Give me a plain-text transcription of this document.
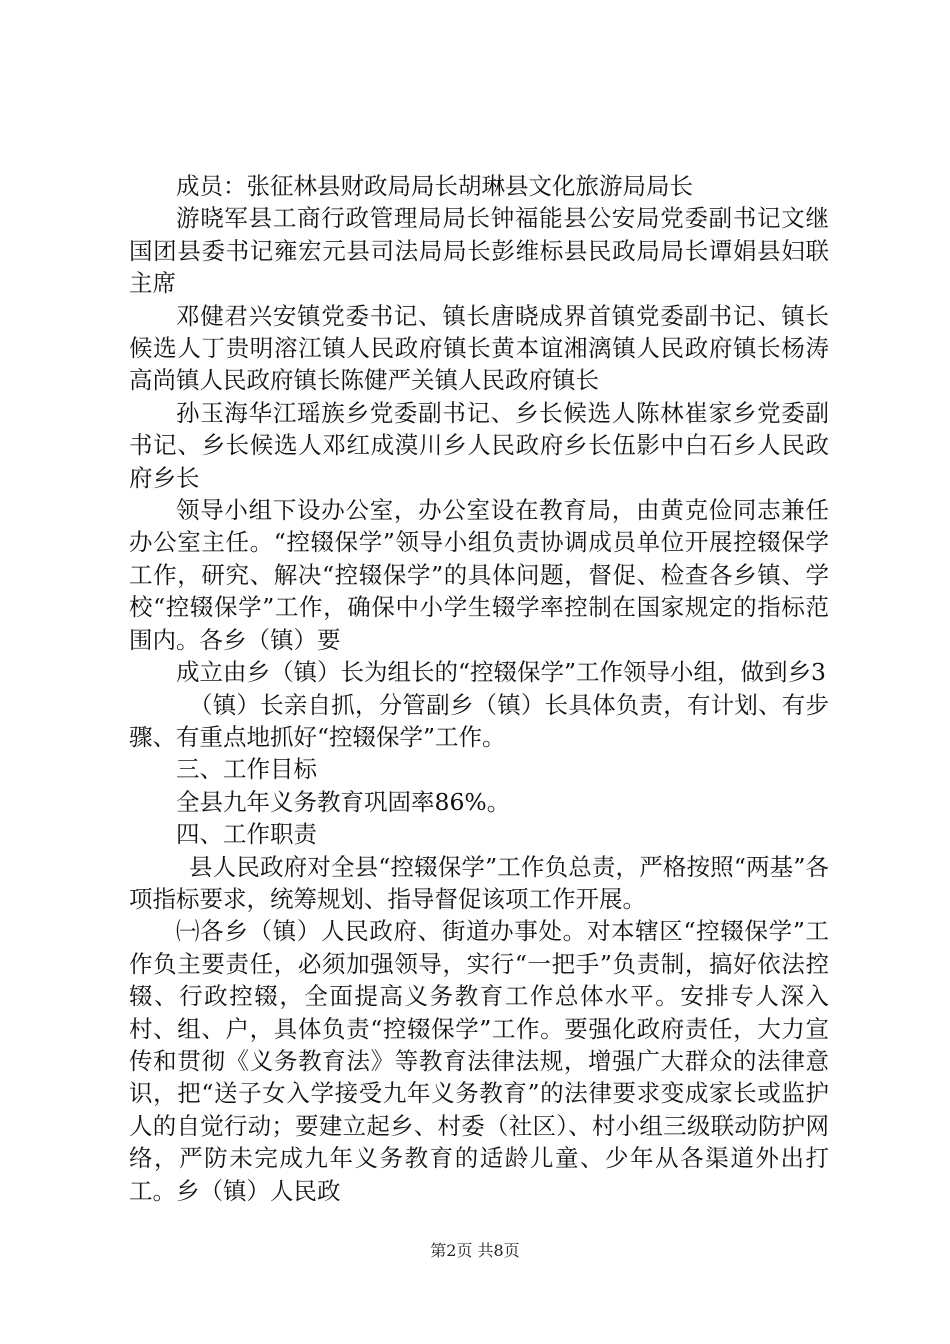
成员：张征林县财政局局长胡琳县文化旅游局局长

游晓军县工商行政管理局局长钟福能县公安局党委副书记文继国团县委书记雍宏元县司法局局长彭维标县民政局局长谭娟县妇联主席

邓健君兴安镇党委书记、镇长唐晓成界首镇党委副书记、镇长候选人丁贵明溶江镇人民政府镇长黄本谊湘漓镇人民政府镇长杨涛高尚镇人民政府镇长陈健严关镇人民政府镇长

孙玉海华江瑶族乡党委副书记、乡长候选人陈林崔家乡党委副书记、乡长候选人邓红成漠川乡人民政府乡长伍影中白石乡人民政府乡长

领导小组下设办公室，办公室设在教育局，由黄克俭同志兼任办公室主任。“控辍保学”领导小组负责协调成员单位开展控辍保学工作，研究、解决“控辍保学”的具体问题，督促、检查各乡镇、学校“控辍保学”工作，确保中小学生辍学率控制在国家规定的指标范围内。各乡（镇）要

成立由乡（镇）长为组长的“控辍保学”工作领导小组，做到乡3

（镇）长亲自抓，分管副乡（镇）长具体负责，有计划、有步骤、有重点地抓好“控辍保学”工作。

三、工作目标

全县九年义务教育巩固率86%。

四、工作职责

县人民政府对全县“控辍保学”工作负总责，严格按照“两基”各项指标要求，统筹规划、指导督促该项工作开展。

㈠各乡（镇）人民政府、街道办事处。对本辖区“控辍保学”工作负主要责任，必须加强领导，实行“一把手”负责制，搞好依法控辍、行政控辍，全面提高义务教育工作总体水平。安排专人深入村、组、户，具体负责“控辍保学”工作。要强化政府责任，大力宣传和贯彻《义务教育法》等教育法律法规，增强广大群众的法律意识，把“送子女入学接受九年义务教育”的法律要求变成家长或监护人的自觉行动；要建立起乡、村委（社区）、村小组三级联动防护网络，严防未完成九年义务教育的适龄儿童、少年从各渠道外出打工。乡（镇）人民政

第2页 共8页
